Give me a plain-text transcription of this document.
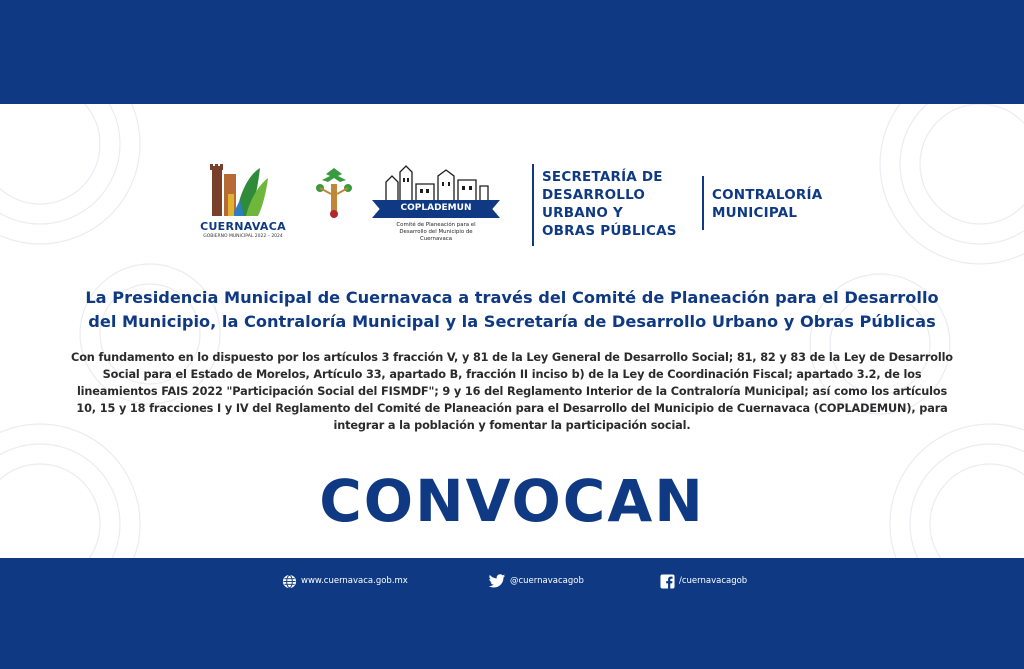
CUERNAVACA
GOBIERNO MUNICIPAL 2022 – 2024
COPLADEMUN
Comité de Planeación para el
Desarrollo del Municipio de
Cuernavaca
SECRETARÍA DE
DESARROLLO
URBANO Y
OBRAS PÚBLICAS
CONTRALORÍA
MUNICIPAL
La Presidencia Municipal de Cuernavaca a través del Comité de Planeación para el Desarrollo
del Municipio, la Contraloría Municipal y la Secretaría de Desarrollo Urbano y Obras Públicas
Con fundamento en lo dispuesto por los artículos 3 fracción V, y 81 de la Ley General de Desarrollo Social; 81, 82 y 83 de la Ley de Desarrollo
Social para el Estado de Morelos, Artículo 33, apartado B, fracción II inciso b) de la Ley de Coordinación Fiscal; apartado 3.2, de los
lineamientos FAIS 2022 "Participación Social del FISMDF"; 9 y 16 del Reglamento Interior de la Contraloría Municipal; así como los artículos
10, 15 y 18 fracciones I y IV del Reglamento del Comité de Planeación para el Desarrollo del Municipio de Cuernavaca (COPLADEMUN), para
integrar a la población y fomentar la participación social.
CONVOCAN
www.cuernavaca.gob.mx	@cuernavacagob	/cuernavacagob
